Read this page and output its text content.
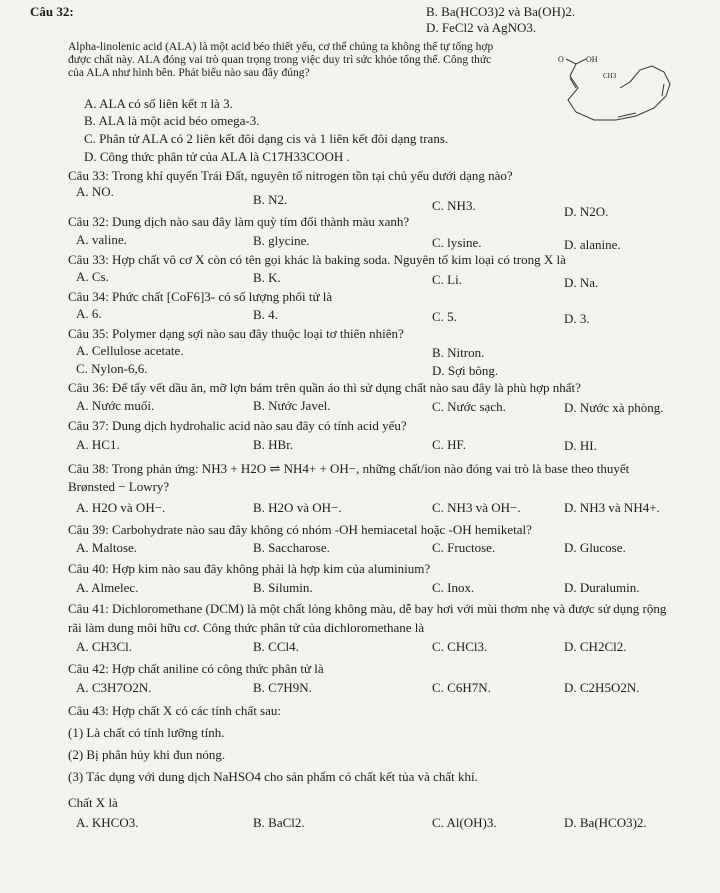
Câu 32:	B. Ba(HCO3)2 và Ba(OH)2.
D. FeCl2 và AgNO3.
Alpha-linolenic acid (ALA) là một acid béo thiết yếu, cơ thể chúng ta không thể tự tổng hợp
được chất này. ALA đóng vai trò quan trọng trong việc duy trì sức khỏe tổng thể. Công thức
của ALA như hình bên. Phát biểu nào sau đây đúng?
O	OH
CH3
A. ALA có số liên kết π là 3.
B. ALA là một acid béo omega-3.
C. Phân tử ALA có 2 liên kết đôi dạng cis và 1 liên kết đôi dạng trans.
D. Công thức phân tử của ALA là C17H33COOH .
Câu 33: Trong khí quyển Trái Đất, nguyên tố nitrogen tồn tại chủ yếu dưới dạng nào?
A. NO.
B. N2.	C. NH3.	D. N2O.
Câu 32: Dung dịch nào sau đây làm quỳ tím đổi thành màu xanh?
A. valine.	B. glycine.	C. lysine.	D. alanine.
Câu 33: Hợp chất vô cơ X còn có tên gọi khác là baking soda. Nguyên tố kim loại có trong X là
A. Cs.	B. K.	C. Li.	D. Na.
Câu 34: Phức chất [CoF6]3- có số lượng phối tử là
A. 6.	B. 4.	C. 5.	D. 3.
Câu 35: Polymer dạng sợi nào sau đây thuộc loại tơ thiên nhiên?
A. Cellulose acetate.	B. Nitron.
C. Nylon-6,6.	D. Sợi bông.
Câu 36: Để tẩy vết dầu ăn, mỡ lợn bám trên quần áo thì sử dụng chất nào sau đây là phù hợp nhất?
A. Nước muối.	B. Nước Javel.	C. Nước sạch.	D. Nước xà phòng.
Câu 37: Dung dịch hydrohalic acid nào sau đây có tính acid yếu?
A. HC1.	B. HBr.	C. HF.	D. HI.
Câu 38: Trong phản ứng: NH3 + H2O ⇌ NH4+ + OH−, những chất/ion nào đóng vai trò là base theo thuyết
Brønsted − Lowry?
A. H2O và OH−.	B. H2O và OH−.	C. NH3 và OH−.	D. NH3 và NH4+.
Câu 39: Carbohydrate nào sau đây không có nhóm -OH hemiacetal hoặc -OH hemiketal?
A. Maltose.	B. Saccharose.	C. Fructose.	D. Glucose.
Câu 40: Hợp kim nào sau đây không phải là hợp kim của aluminium?
A. Almelec.	B. Silumin.	C. Inox.	D. Duralumin.
Câu 41: Dichloromethane (DCM) là một chất lỏng không màu, dễ bay hơi với mùi thơm nhẹ và được sử dụng rộng
rãi làm dung môi hữu cơ. Công thức phân tử của dichloromethane là
A. CH3Cl.	B. CCl4.	C. CHCl3.	D. CH2Cl2.
Câu 42: Hợp chất aniline có công thức phân tử là
A. C3H7O2N.	B. C7H9N.	C. C6H7N.	D. C2H5O2N.
Câu 43: Hợp chất X có các tính chất sau:
(1) Là chất có tính lưỡng tính.
(2) Bị phân hủy khi đun nóng.
(3) Tác dụng với dung dịch NaHSO4 cho sản phẩm có chất kết tủa và chất khí.
Chất X là
A. KHCO3.	B. BaCl2.	C. Al(OH)3.	D. Ba(HCO3)2.
